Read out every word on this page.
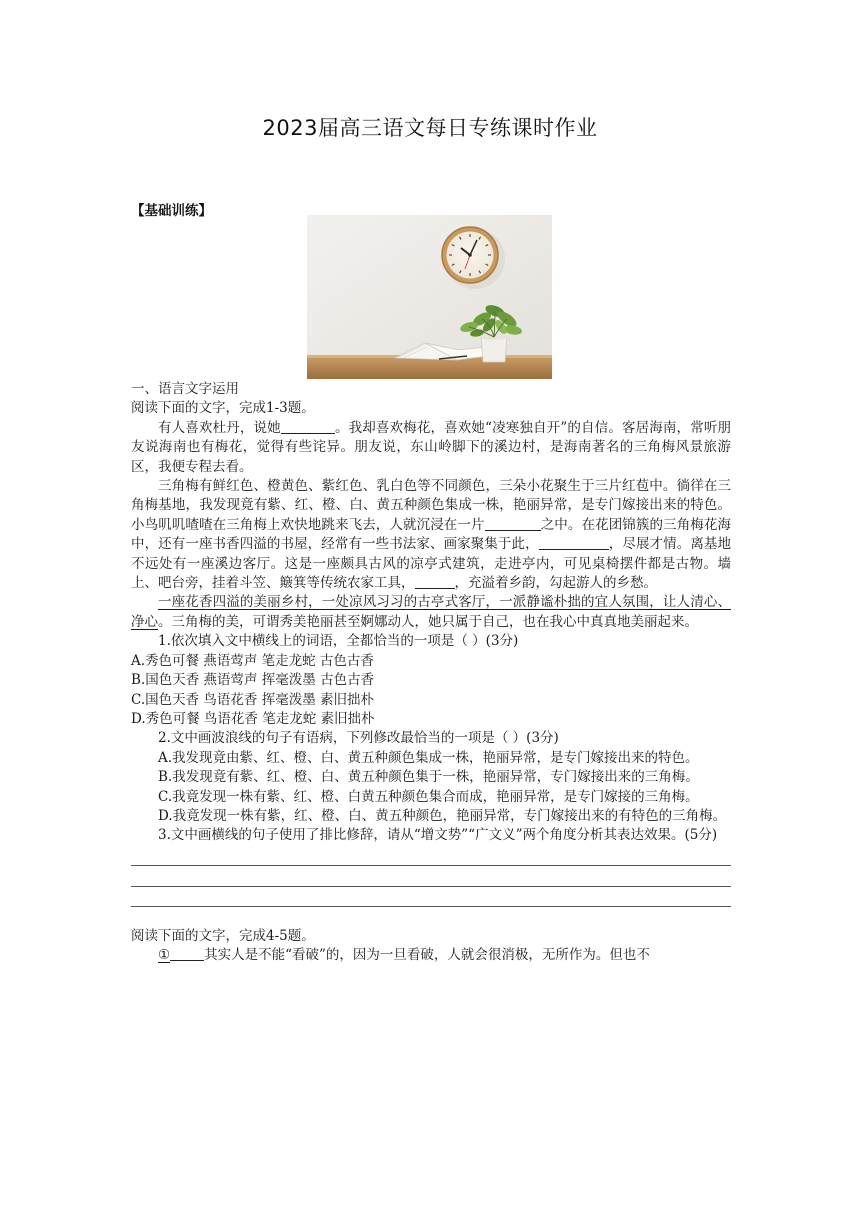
2023届高三语文每日专练课时作业
【基础训练】

一、语言文字运用

阅读下面的文字，完成1-3题。

有人喜欢杜丹，说她	。我却喜欢梅花，喜欢她“凌寒独自开”的自信。客居海南，常听朋友说海南也有梅花，觉得有些诧异。朋友说，东山岭脚下的溪边村，是海南著名的三角梅风景旅游区，我便专程去看。

三角梅有鲜红色、橙黄色、紫红色、乳白色等不同颜色，三朵小花聚生于三片红苞中。徜徉在三角梅基地，我发现竟有紫、红、橙、白、黄五种颜色集成一株，艳丽异常，是专门嫁接出来的特色。小鸟叽叽喳喳在三角梅上欢快地跳来飞去，人就沉浸在一片	之中。在花团锦簇的三角梅花海中，还有一座书香四溢的书屋，经常有一些书法家、画家聚集于此，	，尽展才情。离基地不远处有一座溪边客厅。这是一座颇具古风的凉亭式建筑，走进亭内，可见桌椅摆件都是古物。墙上、吧台旁，挂着斗笠、簸箕等传统农家工具，	，充溢着乡韵，勾起游人的乡愁。

一座花香四溢的美丽乡村，一处凉风习习的古亭式客厅，一派静谧朴拙的宜人氛围，让人清心、净心。三角梅的美，可谓秀美艳丽甚至婀娜动人，她只属于自己，也在我心中真真地美丽起来。

1.依次填入文中横线上的词语，全都恰当的一项是（ ）(3分)

A.秀色可餐 燕语莺声 笔走龙蛇 古色古香

B.国色天香 燕语莺声 挥毫泼墨 古色古香

C.国色天香 鸟语花香 挥毫泼墨 素旧拙朴

D.秀色可餐 鸟语花香 笔走龙蛇 素旧拙朴

2.文中画波浪线的句子有语病，下列修改最恰当的一项是（ ）(3分)

A.我发现竟由紫、红、橙、白、黄五种颜色集成一株，艳丽异常，是专门嫁接出来的特色。

B.我发现竟有紫、红、橙、白、黄五种颜色集于一株，艳丽异常，专门嫁接出来的三角梅。

C.我竟发现一株有紫、红、橙、白黄五种颜色集合而成，艳丽异常，是专门嫁接的三角梅。

D.我竟发现一株有紫，红、橙、白、黄五种颜色，艳丽异常，专门嫁接出来的有特色的三角梅。

3.文中画横线的句子使用了排比修辞，请从“增文势”“广文义”两个角度分析其表达效果。(5分)

阅读下面的文字，完成4-5题。

①	其实人是不能“看破”的，因为一旦看破，人就会很消极，无所作为。但也不
